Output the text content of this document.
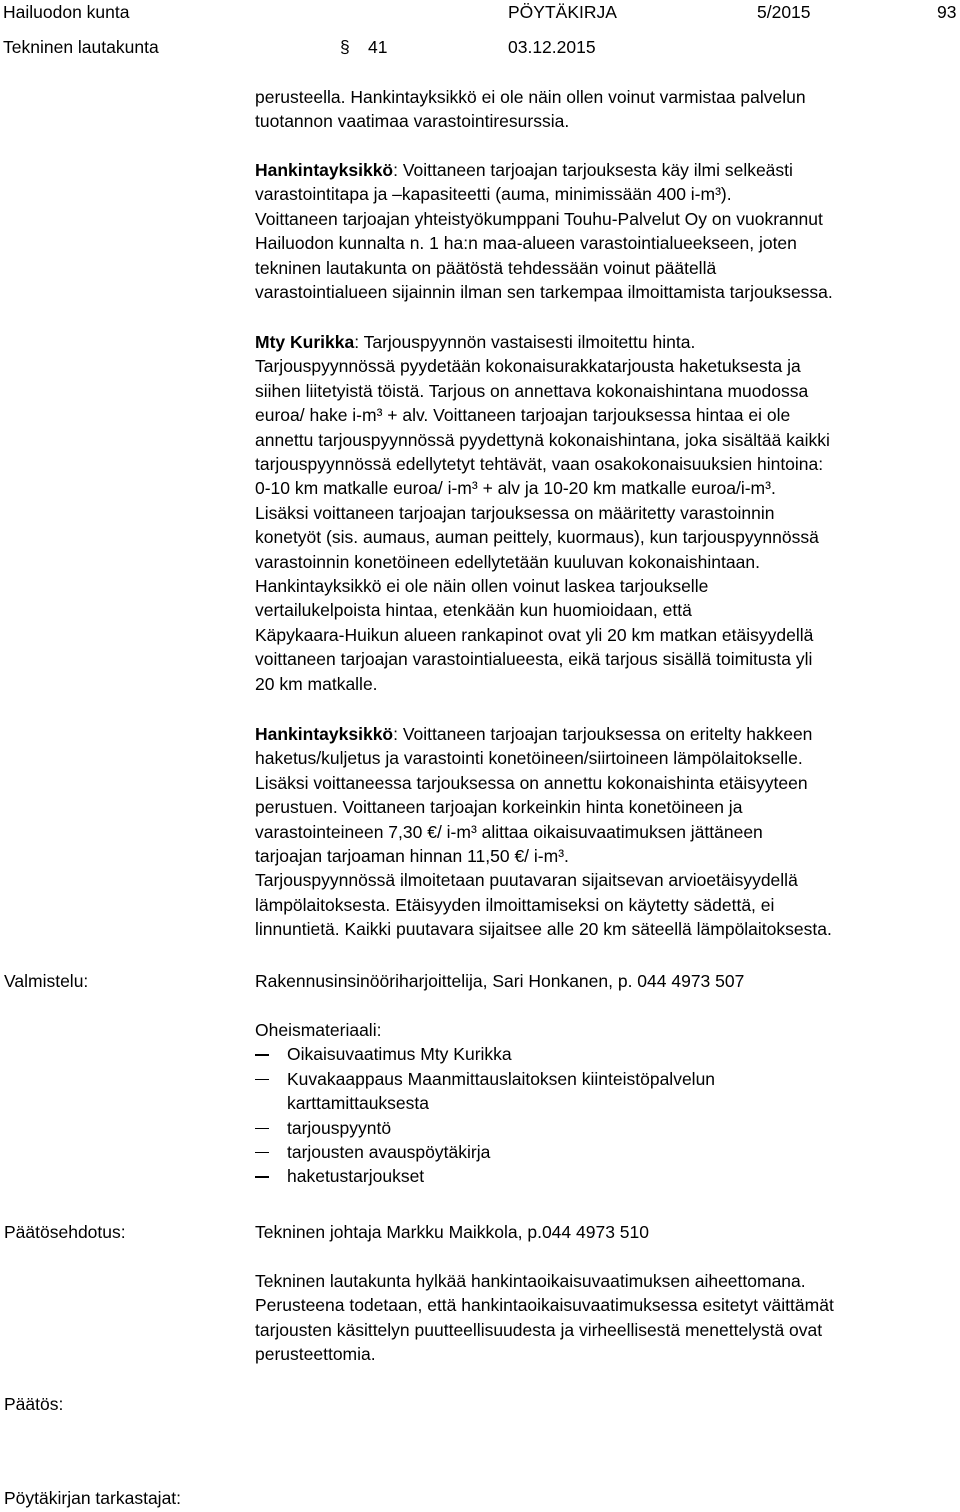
Hailuodon kunta	PÖYTÄKIRJA	5/2015	93
Tekninen lautakunta	§ 41	03.12.2015
perusteella. Hankintayksikkö ei ole näin ollen voinut varmistaa palvelun
tuotannon vaatimaa varastointiresurssia.
Hankintayksikkö: Voittaneen tarjoajan tarjouksesta käy ilmi selkeästi
varastointitapa ja –kapasiteetti (auma, minimissään 400 i-m³).
Voittaneen tarjoajan yhteistyökumppani Touhu-Palvelut Oy on vuokrannut
Hailuodon kunnalta n. 1 ha:n maa-alueen varastointialueekseen, joten
tekninen lautakunta on päätöstä tehdessään voinut päätellä
varastointialueen sijainnin ilman sen tarkempaa ilmoittamista tarjouksessa.
Mty Kurikka: Tarjouspyynnön vastaisesti ilmoitettu hinta.
Tarjouspyynnössä pyydetään kokonaisurakkatarjousta haketuksesta ja
siihen liitetyistä töistä. Tarjous on annettava kokonaishintana muodossa
euroa/ hake i-m³ + alv. Voittaneen tarjoajan tarjouksessa hintaa ei ole
annettu tarjouspyynnössä pyydettynä kokonaishintana, joka sisältää kaikki
tarjouspyynnössä edellytetyt tehtävät, vaan osakokonaisuuksien hintoina:
0-10 km matkalle euroa/ i-m³ + alv ja 10-20 km matkalle euroa/i-m³.
Lisäksi voittaneen tarjoajan tarjouksessa on määritetty varastoinnin
konetyöt (sis. aumaus, auman peittely, kuormaus), kun tarjouspyynnössä
varastoinnin konetöineen edellytetään kuuluvan kokonaishintaan.
Hankintayksikkö ei ole näin ollen voinut laskea tarjoukselle
vertailukelpoista hintaa, etenkään kun huomioidaan, että
Käpykaara-Huikun alueen rankapinot ovat yli 20 km matkan etäisyydellä
voittaneen tarjoajan varastointialueesta, eikä tarjous sisällä toimitusta yli
20 km matkalle.
Hankintayksikkö: Voittaneen tarjoajan tarjouksessa on eritelty hakkeen
haketus/kuljetus ja varastointi konetöineen/siirtoineen lämpölaitokselle.
Lisäksi voittaneessa tarjouksessa on annettu kokonaishinta etäisyyteen
perustuen. Voittaneen tarjoajan korkeinkin hinta konetöineen ja
varastointeineen 7,30 €/ i-m³ alittaa oikaisuvaatimuksen jättäneen
tarjoajan tarjoaman hinnan 11,50 €/ i-m³.
Tarjouspyynnössä ilmoitetaan puutavaran sijaitsevan arvioetäisyydellä
lämpölaitoksesta. Etäisyyden ilmoittamiseksi on käytetty sädettä, ei
linnuntietä. Kaikki puutavara sijaitsee alle 20 km säteellä lämpölaitoksesta.
Valmistelu:	Rakennusinsinööriharjoittelija, Sari Honkanen, p. 044 4973 507
Oheismateriaali:
Oikaisuvaatimus Mty Kurikka
Kuvakaappaus Maanmittauslaitoksen kiinteistöpalvelun karttamittauksesta
tarjouspyyntö
tarjousten avauspöytäkirja
haketustarjoukset
Päätösehdotus:	Tekninen johtaja Markku Maikkola, p.044 4973 510
Tekninen lautakunta hylkää hankintaoikaisuvaatimuksen aiheettomana.
Perusteena todetaan, että hankintaoikaisuvaatimuksessa esitetyt väittämät
tarjousten käsittelyn puutteellisuudesta ja virheellisestä menettelystä ovat
perusteettomia.
Päätös:
Pöytäkirjan tarkastajat:
